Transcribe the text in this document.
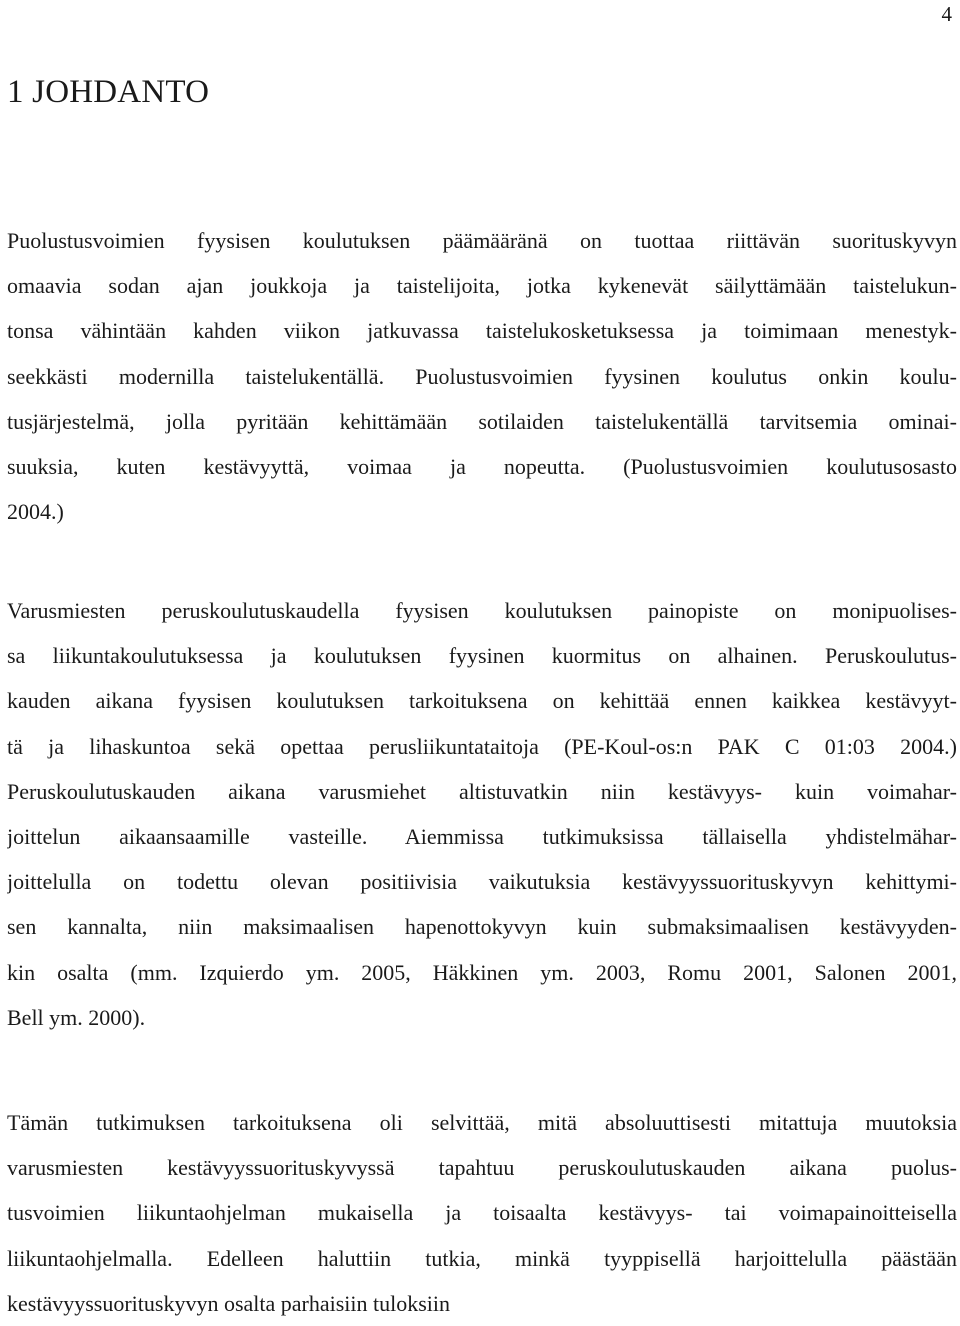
4
1 JOHDANTO
Puolustusvoimien fyysisen koulutuksen päämääränä on tuottaa riittävän suorituskyvyn
omaavia sodan ajan joukkoja ja taistelijoita, jotka kykenevät säilyttämään taistelukun-
tonsa vähintään kahden viikon jatkuvassa taistelukosketuksessa ja toimimaan menestyk-
seekkästi modernilla taistelukentällä. Puolustusvoimien fyysinen koulutus onkin koulu-
tusjärjestelmä, jolla pyritään kehittämään sotilaiden taistelukentällä tarvitsemia ominai-
suuksia, kuten kestävyyttä, voimaa ja nopeutta. (Puolustusvoimien koulutusosasto
2004.)
Varusmiesten peruskoulutuskaudella fyysisen koulutuksen painopiste on monipuolises-
sa liikuntakoulutuksessa ja koulutuksen fyysinen kuormitus on alhainen. Peruskoulutus-
kauden aikana fyysisen koulutuksen tarkoituksena on kehittää ennen kaikkea kestävyyt-
tä ja lihaskuntoa sekä opettaa perusliikuntataitoja (PE-Koul-os:n PAK C 01:03 2004.)
Peruskoulutuskauden aikana varusmiehet altistuvatkin niin kestävyys- kuin voimahar-
joittelun aikaansaamille vasteille. Aiemmissa tutkimuksissa tällaisella yhdistelmähar-
joittelulla on todettu olevan positiivisia vaikutuksia kestävyyssuorituskyvyn kehittymi-
sen kannalta, niin maksimaalisen hapenottokyvyn kuin submaksimaalisen kestävyyden-
kin osalta (mm. Izquierdo ym. 2005, Häkkinen ym. 2003, Romu 2001, Salonen 2001,
Bell ym. 2000).
Tämän tutkimuksen tarkoituksena oli selvittää, mitä absoluuttisesti mitattuja muutoksia
varusmiesten kestävyyssuorituskyvyssä tapahtuu peruskoulutuskauden aikana puolus-
tusvoimien liikuntaohjelman mukaisella ja toisaalta kestävyys- tai voimapainoitteisella
liikuntaohjelmalla. Edelleen haluttiin tutkia, minkä tyyppisellä harjoittelulla päästään
kestävyyssuorituskyvyn osalta parhaisiin tuloksiin
